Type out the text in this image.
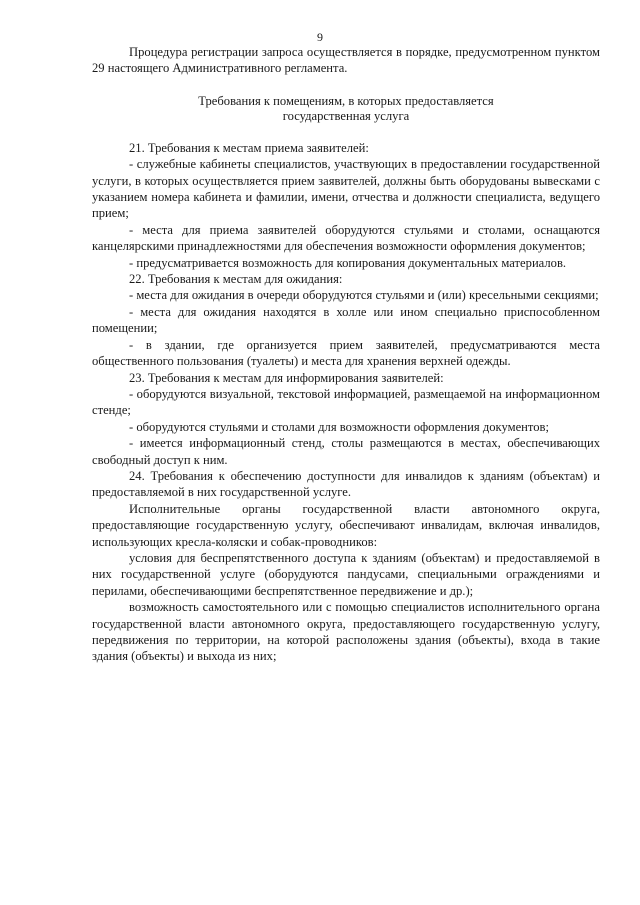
9

Процедура регистрации запроса осуществляется в порядке, предусмотренном пунктом 29 настоящего Административного регламента.

Требования к помещениям, в которых предоставляется
государственная услуга

21. Требования к местам приема заявителей:

- служебные кабинеты специалистов, участвующих в предоставлении государственной услуги, в которых осуществляется прием заявителей, должны быть оборудованы вывесками с указанием номера кабинета и фамилии, имени, отчества и должности специалиста, ведущего прием;

- места для приема заявителей оборудуются стульями и столами, оснащаются канцелярскими принадлежностями для обеспечения возможности оформления документов;

- предусматривается возможность для копирования документальных материалов.

22. Требования к местам для ожидания:

- места для ожидания в очереди оборудуются стульями и (или) кресельными секциями;

- места для ожидания находятся в холле или ином специально приспособленном помещении;

- в здании, где организуется прием заявителей, предусматриваются места общественного пользования (туалеты) и места для хранения верхней одежды.

23. Требования к местам для информирования заявителей:

- оборудуются визуальной, текстовой информацией, размещаемой на информационном стенде;

- оборудуются стульями и столами для возможности оформления документов;

- имеется информационный стенд, столы размещаются в местах, обеспечивающих свободный доступ к ним.

24. Требования к обеспечению доступности для инвалидов к зданиям (объектам) и предоставляемой в них государственной услуге.

Исполнительные органы государственной власти автономного округа, предоставляющие государственную услугу, обеспечивают инвалидам, включая инвалидов, использующих кресла-коляски и собак-проводников:

условия для беспрепятственного доступа к зданиям (объектам) и предоставляемой в них государственной услуге (оборудуются пандусами, специальными ограждениями и перилами, обеспечивающими беспрепятственное передвижение и др.);

возможность самостоятельного или с помощью специалистов исполнительного органа государственной власти автономного округа, предоставляющего государственную услугу, передвижения по территории, на которой расположены здания (объекты), входа в такие здания (объекты) и выхода из них;
